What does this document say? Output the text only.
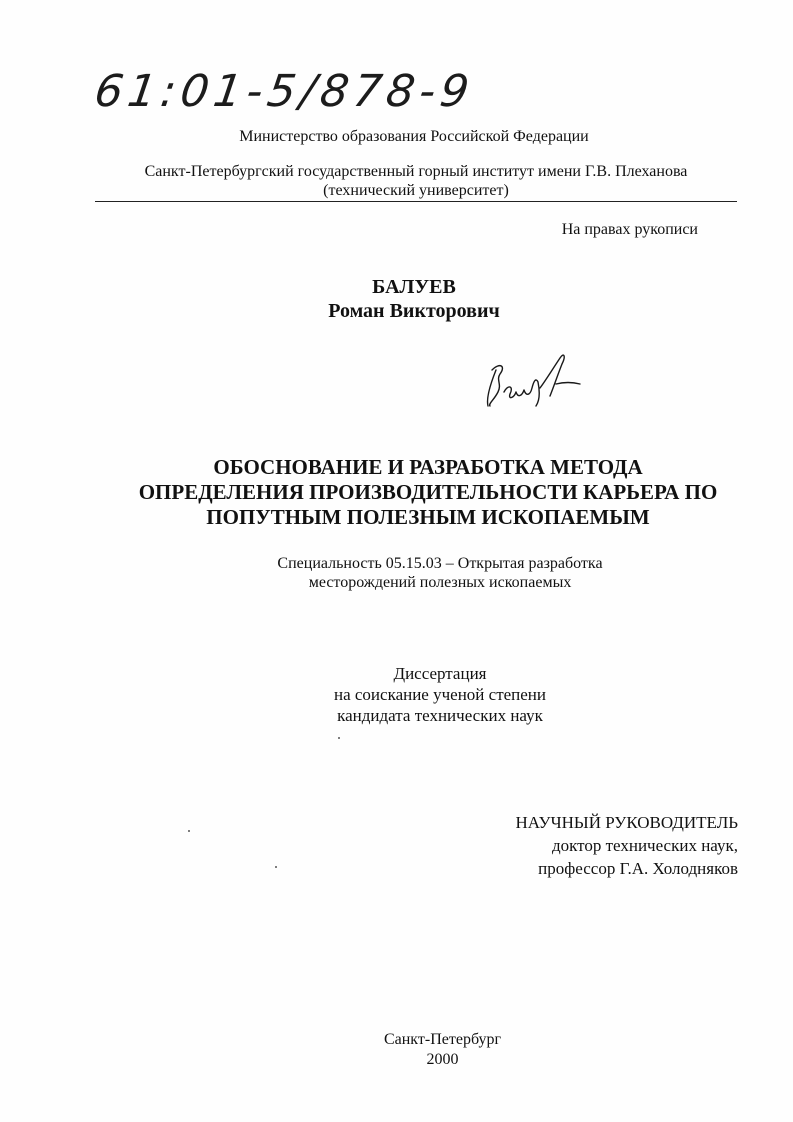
61:01-5/878-9
Министерство образования Российской Федерации
Санкт-Петербургский государственный горный институт имени Г.В. Плеханова
(технический университет)
На правах рукописи
БАЛУЕВ
Роман Викторович
ОБОСНОВАНИЕ И РАЗРАБОТКА МЕТОДА
ОПРЕДЕЛЕНИЯ ПРОИЗВОДИТЕЛЬНОСТИ КАРЬЕРА ПО
ПОПУТНЫМ ПОЛЕЗНЫМ ИСКОПАЕМЫМ
Специальность 05.15.03 – Открытая разработка
месторождений полезных ископаемых
Диссертация
на соискание ученой степени
кандидата технических наук
НАУЧНЫЙ РУКОВОДИТЕЛЬ
доктор технических наук,
профессор Г.А. Холодняков
Санкт-Петербург
2000
